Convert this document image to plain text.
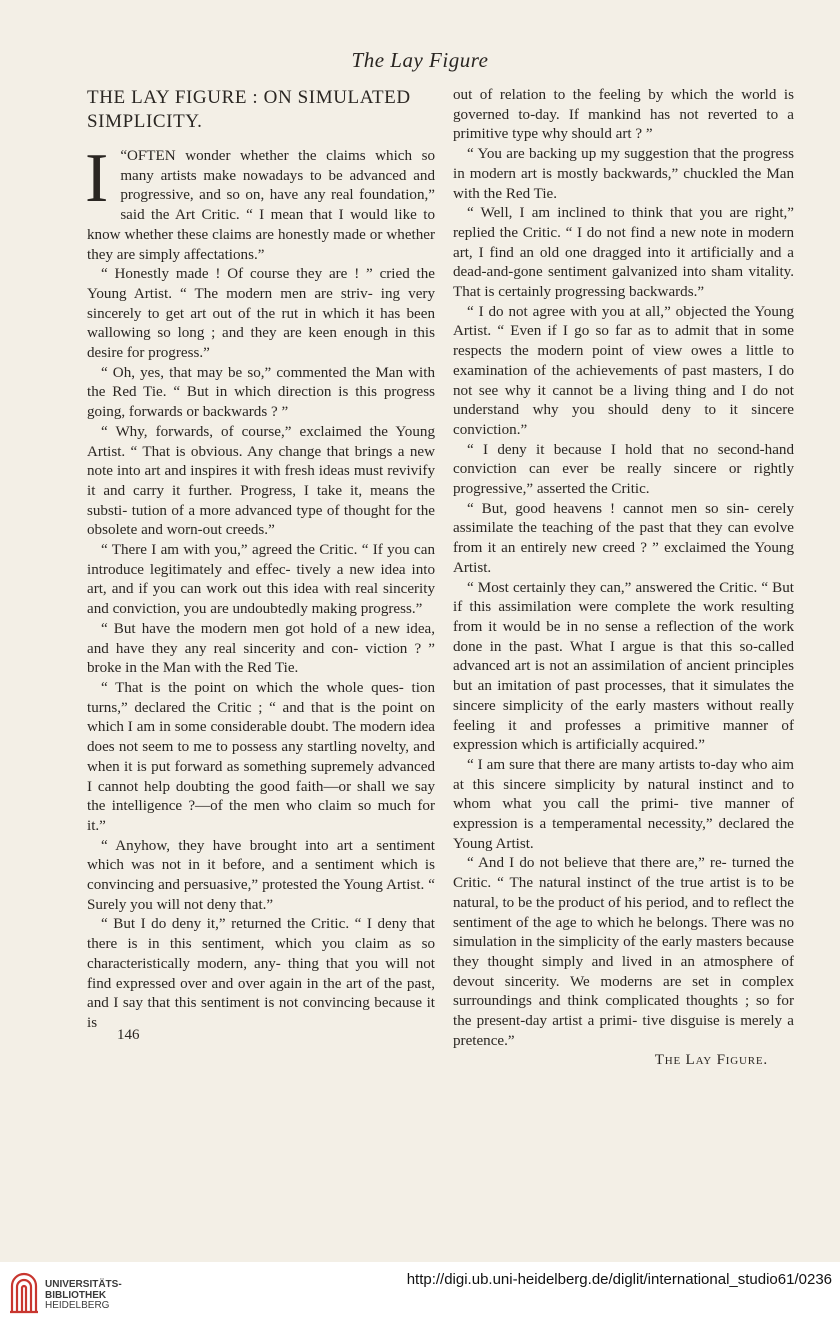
The Lay Figure
THE LAY FIGURE : ON SIMULATED SIMPLICITY.

“
I OFTEN wonder whether the claims which so many artists make nowadays to be advanced and progressive, and so on, have any real foundation,” said the Art Critic. “ I mean that I would like to know whether these claims are honestly made or whether they are simply affectations.”

“ Honestly made ! Of course they are ! ” cried the Young Artist. “ The modern men are striv- ing very sincerely to get art out of the rut in which it has been wallowing so long ; and they are keen enough in this desire for progress.”

“ Oh, yes, that may be so,” commented the Man with the Red Tie. “ But in which direction is this progress going, forwards or backwards ? ”

“ Why, forwards, of course,” exclaimed the Young Artist. “ That is obvious. Any change that brings a new note into art and inspires it with fresh ideas must revivify it and carry it further. Progress, I take it, means the substi- tution of a more advanced type of thought for the obsolete and worn-out creeds.”

“ There I am with you,” agreed the Critic. “ If you can introduce legitimately and effec- tively a new idea into art, and if you can work out this idea with real sincerity and conviction, you are undoubtedly making progress.”

“ But have the modern men got hold of a new idea, and have they any real sincerity and con- viction ? ” broke in the Man with the Red Tie.

“ That is the point on which the whole ques- tion turns,” declared the Critic ; “ and that is the point on which I am in some considerable doubt. The modern idea does not seem to me to possess any startling novelty, and when it is put forward as something supremely advanced I cannot help doubting the good faith—or shall we say the intelligence ?—of the men who claim so much for it.”

“ Anyhow, they have brought into art a sentiment which was not in it before, and a sentiment which is convincing and persuasive,” protested the Young Artist. “ Surely you will not deny that.”

“ But I do deny it,” returned the Critic. “ I deny that there is in this sentiment, which you claim as so characteristically modern, any- thing that you will not find expressed over and over again in the art of the past, and I say that this sentiment is not convincing because it is

out of relation to the feeling by which the world is governed to-day. If mankind has not reverted to a primitive type why should art ? ”

“ You are backing up my suggestion that the progress in modern art is mostly backwards,” chuckled the Man with the Red Tie.

“ Well, I am inclined to think that you are right,” replied the Critic. “ I do not find a new note in modern art, I find an old one dragged into it artificially and a dead-and-gone sentiment galvanized into sham vitality. That is certainly progressing backwards.”

“ I do not agree with you at all,” objected the Young Artist. “ Even if I go so far as to admit that in some respects the modern point of view owes a little to examination of the achievements of past masters, I do not see why it cannot be a living thing and I do not understand why you should deny to it sincere conviction.”

“ I deny it because I hold that no second-hand conviction can ever be really sincere or rightly progressive,” asserted the Critic.

“ But, good heavens ! cannot men so sin- cerely assimilate the teaching of the past that they can evolve from it an entirely new creed ? ” exclaimed the Young Artist.

“ Most certainly they can,” answered the Critic. “ But if this assimilation were complete the work resulting from it would be in no sense a reflection of the work done in the past. What I argue is that this so-called advanced art is not an assimilation of ancient principles but an imitation of past processes, that it simulates the sincere simplicity of the early masters without really feeling it and professes a primitive manner of expression which is artificially acquired.”

“ I am sure that there are many artists to-day who aim at this sincere simplicity by natural instinct and to whom what you call the primi- tive manner of expression is a temperamental necessity,” declared the Young Artist.

“ And I do not believe that there are,” re- turned the Critic. “ The natural instinct of the true artist is to be natural, to be the product of his period, and to reflect the sentiment of the age to which he belongs. There was no simulation in the simplicity of the early masters because they thought simply and lived in an atmosphere of devout sincerity. We moderns are set in complex surroundings and think complicated thoughts ; so for the present-day artist a primi- tive disguise is merely a pretence.”

The Lay Figure.
146
UNIVERSITÄTS-
BIBLIOTHEK
HEIDELBERG
http://digi.ub.uni-heidelberg.de/diglit/international_studio61/0236
